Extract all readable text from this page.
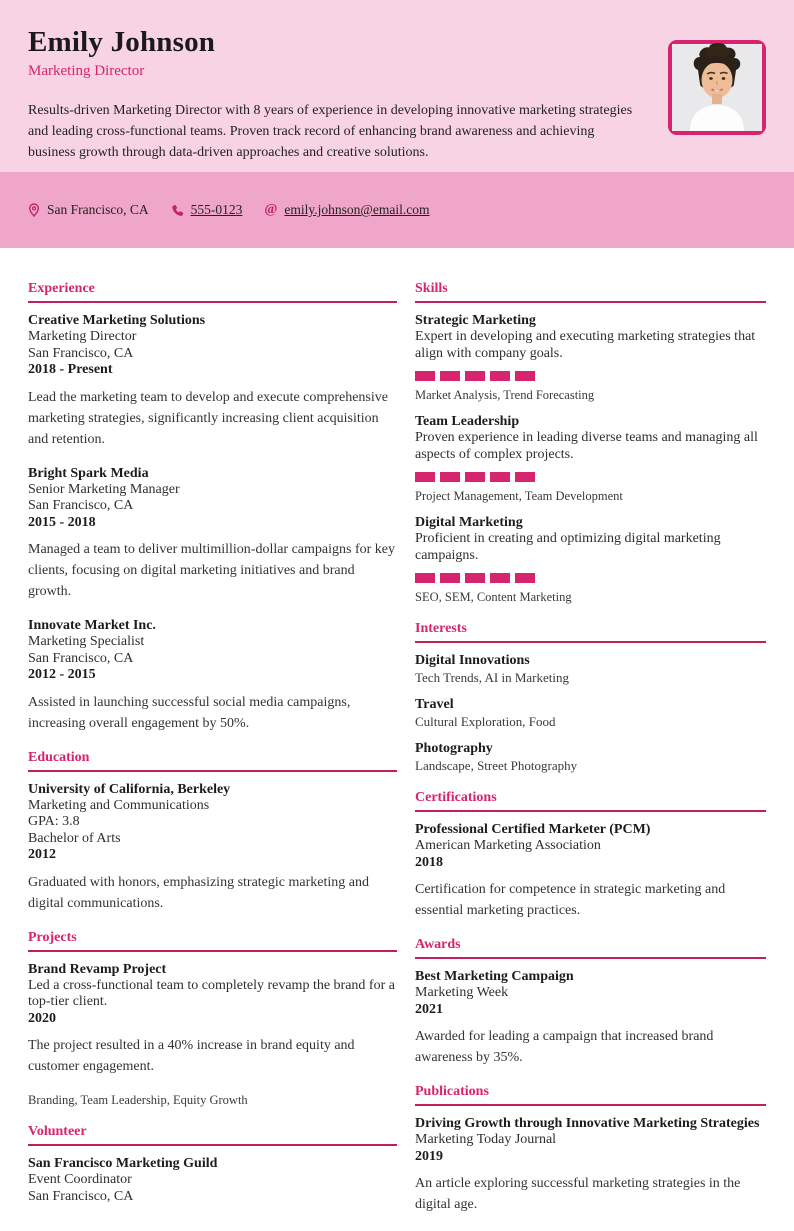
Emily Johnson
Marketing Director
Results-driven Marketing Director with 8 years of experience in developing innovative marketing strategies and leading cross-functional teams. Proven track record of enhancing brand awareness and achieving business growth through data-driven approaches and creative solutions.
San Francisco, CA	555-0123 @ emily.johnson@email.com
Experience
Creative Marketing Solutions
Marketing Director
San Francisco, CA
2018 - Present
Lead the marketing team to develop and execute comprehensive marketing strategies, significantly increasing client acquisition and retention.
Bright Spark Media
Senior Marketing Manager
San Francisco, CA
2015 - 2018
Managed a team to deliver multimillion-dollar campaigns for key clients, focusing on digital marketing initiatives and brand growth.
Innovate Market Inc.
Marketing Specialist
San Francisco, CA
2012 - 2015
Assisted in launching successful social media campaigns, increasing overall engagement by 50%.
Education
University of California, Berkeley
Marketing and Communications
GPA: 3.8
Bachelor of Arts
2012
Graduated with honors, emphasizing strategic marketing and digital communications.
Projects
Brand Revamp Project
Led a cross-functional team to completely revamp the brand for a top-tier client.
2020
The project resulted in a 40% increase in brand equity and customer engagement.
Branding, Team Leadership, Equity Growth
Volunteer
San Francisco Marketing Guild
Event Coordinator
San Francisco, CA
Skills
Strategic Marketing
Expert in developing and executing marketing strategies that align with company goals.
Market Analysis, Trend Forecasting
Team Leadership
Proven experience in leading diverse teams and managing all aspects of complex projects.
Project Management, Team Development
Digital Marketing
Proficient in creating and optimizing digital marketing campaigns.
SEO, SEM, Content Marketing
Interests
Digital Innovations
Tech Trends, AI in Marketing
Travel
Cultural Exploration, Food
Photography
Landscape, Street Photography
Certifications
Professional Certified Marketer (PCM)
American Marketing Association
2018
Certification for competence in strategic marketing and essential marketing practices.
Awards
Best Marketing Campaign
Marketing Week
2021
Awarded for leading a campaign that increased brand awareness by 35%.
Publications
Driving Growth through Innovative Marketing Strategies
Marketing Today Journal
2019
An article exploring successful marketing strategies in the digital age.
